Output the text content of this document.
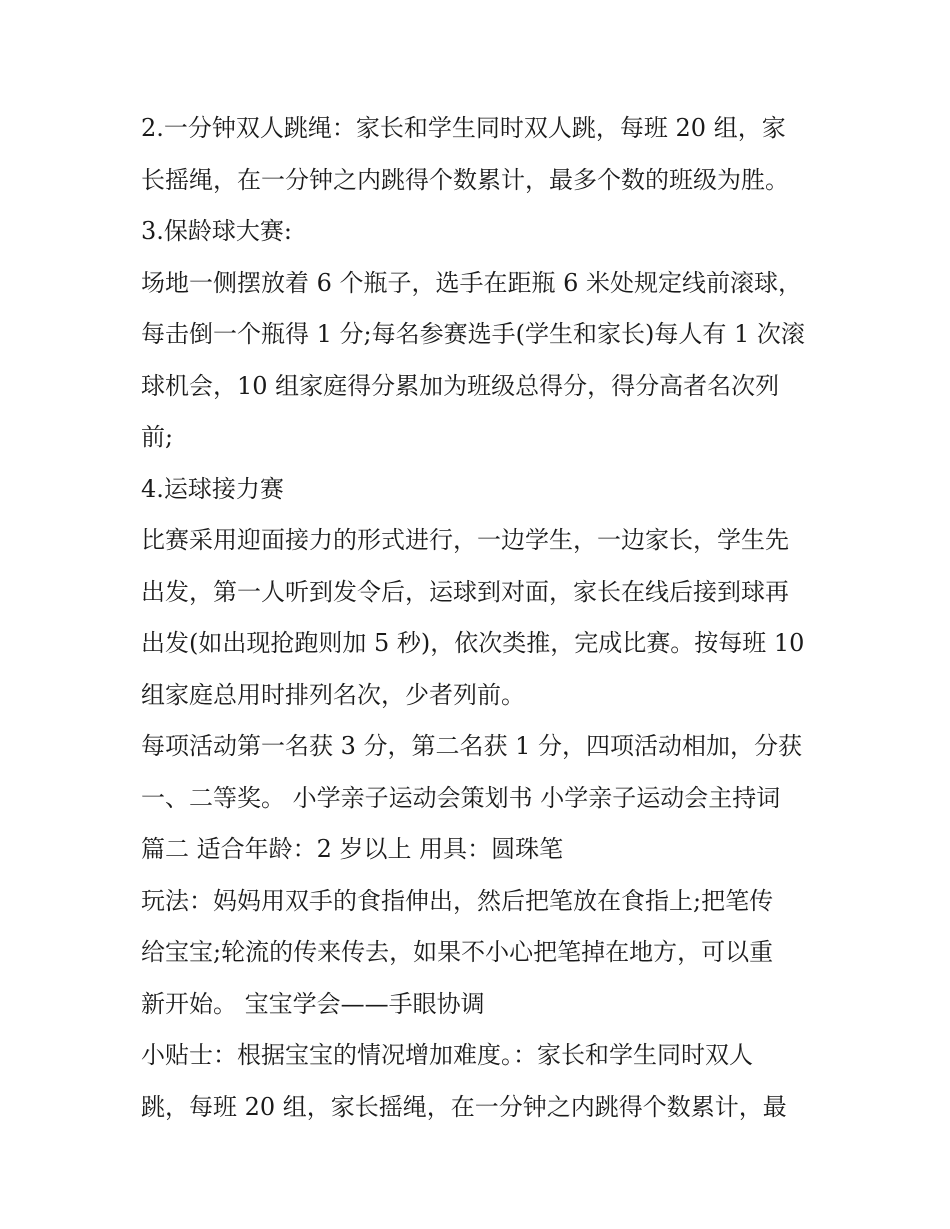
2.一分钟双人跳绳：家长和学生同时双人跳，每班 20 组，家
长摇绳，在一分钟之内跳得个数累计，最多个数的班级为胜。
3.保龄球大赛:
场地一侧摆放着 6 个瓶子，选手在距瓶 6 米处规定线前滚球，
每击倒一个瓶得 1 分;每名参赛选手(学生和家长)每人有 1 次滚
球机会，10 组家庭得分累加为班级总得分，得分高者名次列
前;
4.运球接力赛
比赛采用迎面接力的形式进行，一边学生，一边家长，学生先
出发，第一人听到发令后，运球到对面，家长在线后接到球再
出发(如出现抢跑则加 5 秒)，依次类推，完成比赛。按每班 10
组家庭总用时排列名次，少者列前。
每项活动第一名获 3 分，第二名获 1 分，四项活动相加，分获
一、二等奖。 小学亲子运动会策划书 小学亲子运动会主持词
篇二 适合年龄：2 岁以上 用具：圆珠笔
玩法：妈妈用双手的食指伸出，然后把笔放在食指上;把笔传
给宝宝;轮流的传来传去，如果不小心把笔掉在地方，可以重
新开始。 宝宝学会——手眼协调
小贴士：根据宝宝的情况增加难度。：家长和学生同时双人
跳，每班 20 组，家长摇绳，在一分钟之内跳得个数累计，最
